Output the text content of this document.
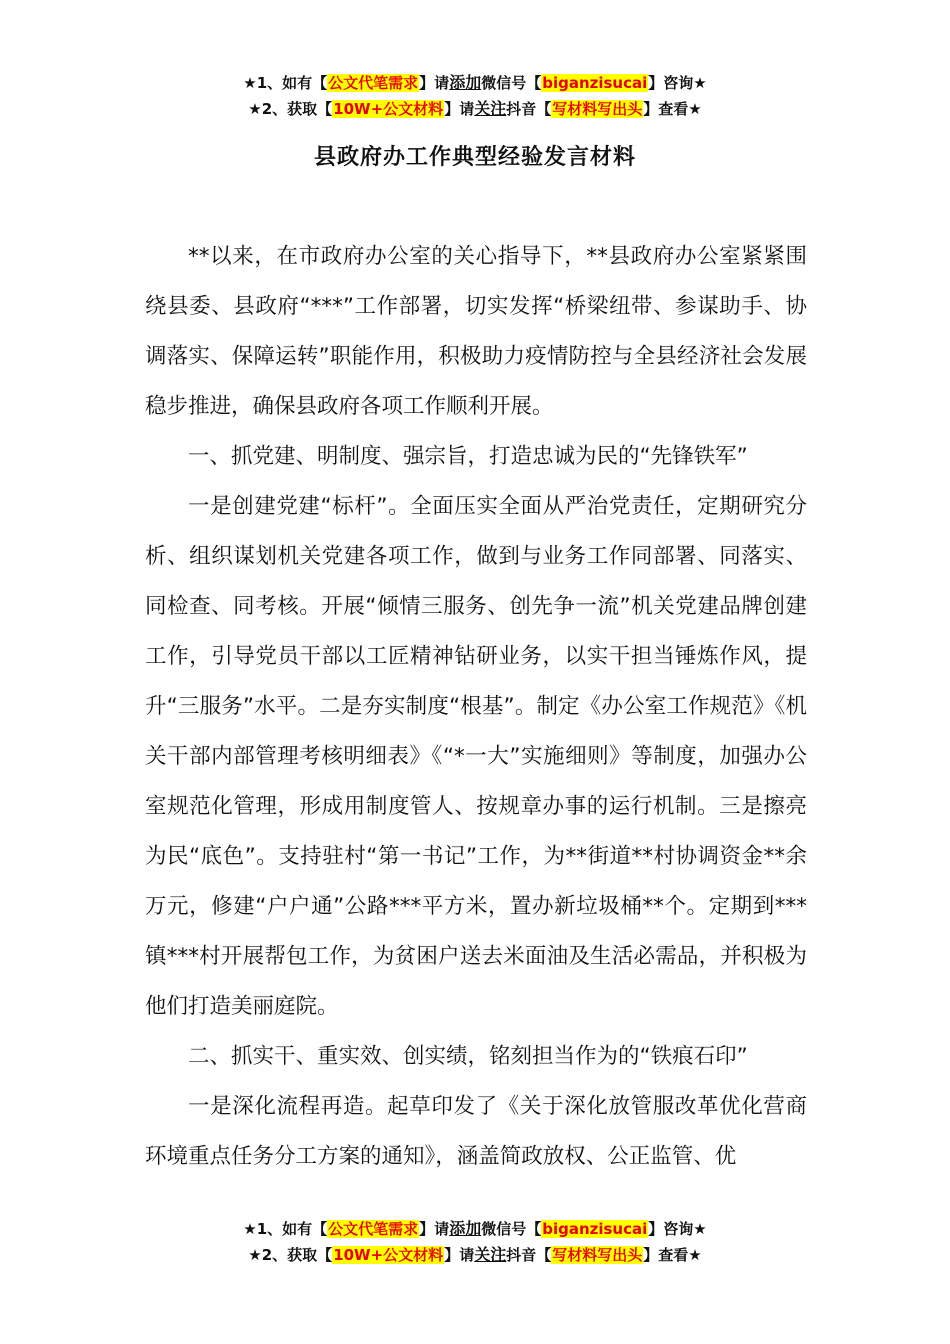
★1、如有【公文代笔需求】请添加微信号【biganzisucai】咨询★
★2、获取【10W+公文材料】请关注抖音【写材料写出头】查看★
县政府办工作典型经验发言材料

**以来，在市政府办公室的关心指导下，**县政府办公室紧紧围绕县委、县政府“***”工作部署，切实发挥“桥梁纽带、参谋助手、协调落实、保障运转”职能作用，积极助力疫情防控与全县经济社会发展稳步推进，确保县政府各项工作顺利开展。

一、抓党建、明制度、强宗旨，打造忠诚为民的“先锋铁军”

一是创建党建“标杆”。全面压实全面从严治党责任，定期研究分析、组织谋划机关党建各项工作，做到与业务工作同部署、同落实、同检查、同考核。开展“倾情三服务、创先争一流”机关党建品牌创建工作，引导党员干部以工匠精神钻研业务，以实干担当锤炼作风，提升“三服务”水平。二是夯实制度“根基”。制定《办公室工作规范》《机关干部内部管理考核明细表》《“*一大”实施细则》等制度，加强办公室规范化管理，形成用制度管人、按规章办事的运行机制。三是擦亮为民“底色”。支持驻村“第一书记”工作，为**街道**村协调资金**余万元，修建“户户通”公路***平方米，置办新垃圾桶**个。定期到***镇***村开展帮包工作，为贫困户送去米面油及生活必需品，并积极为他们打造美丽庭院。

二、抓实干、重实效、创实绩，铭刻担当作为的“铁痕石印”

一是深化流程再造。起草印发了《关于深化放管服改革优化营商环境重点任务分工方案的通知》，涵盖简政放权、公正监管、优

★1、如有【公文代笔需求】请添加微信号【biganzisucai】咨询★
★2、获取【10W+公文材料】请关注抖音【写材料写出头】查看★
